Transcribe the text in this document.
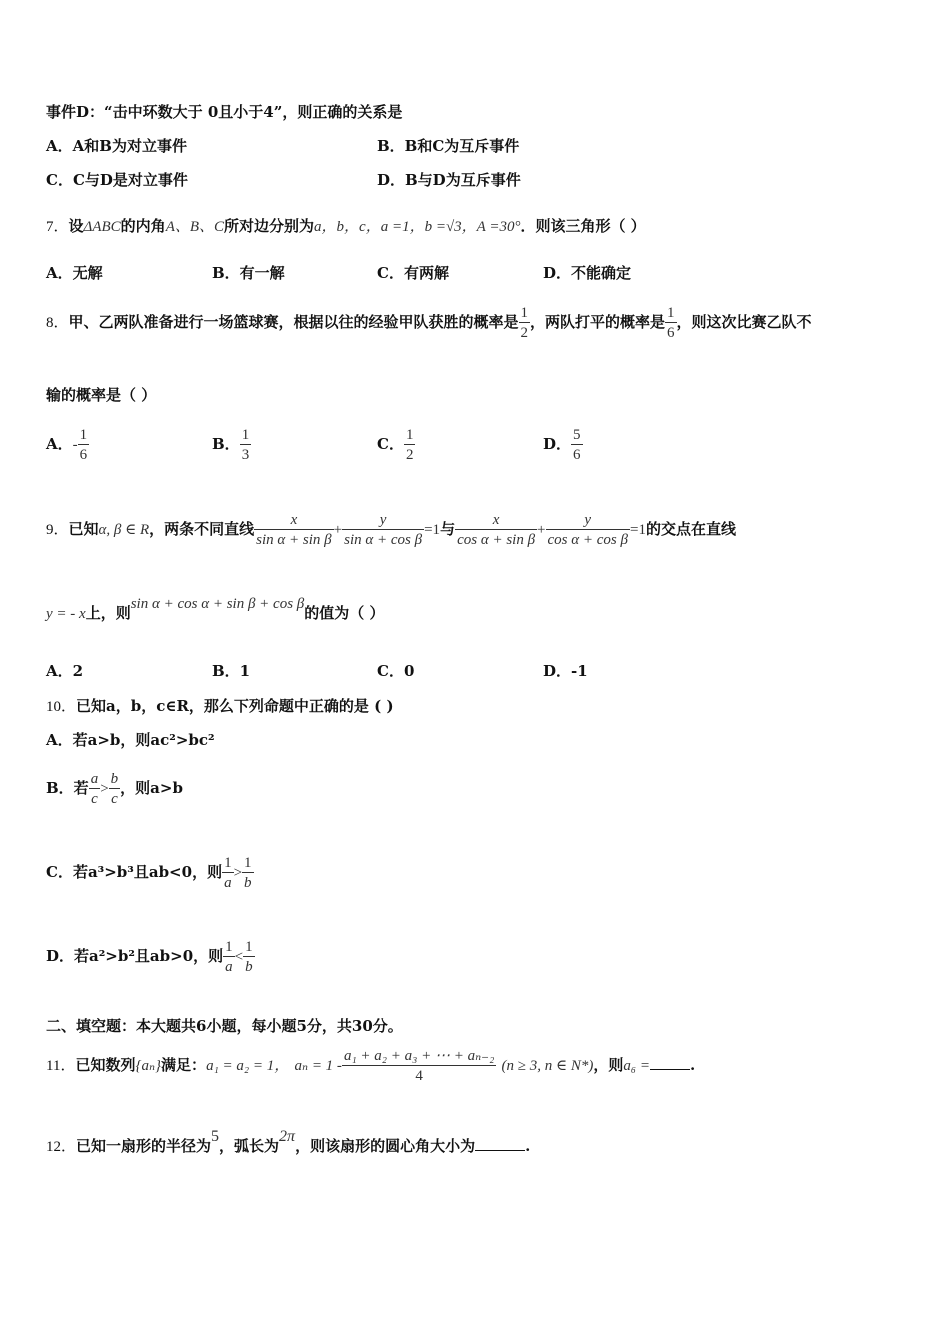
事件D：“击中环数大于 0且小于4”，则正确的关系是
A．A和B为对立事件	B．B和C为互斥事件
C．C与D是对立事件	D．B与D为互斥事件
7．设ΔABC的内角A、B、C所对边分别为a，b，c，a =1，b =√3，A =30°．则该三角形（ ）
A．无解	B．有一解	C．有两解	D．不能确定
8．甲、乙两队准备进行一场篮球赛，根据以往的经验甲队获胜的概率是 $\frac{1}{2}$ ，两队打平的概率是 $\frac{1}{6}$ ，则这次比赛乙队不
输的概率是（ ）
A．- $\frac{1}{6}$	B． $\frac{1}{3}$	C． $\frac{1}{2}$	D． $\frac{5}{6}$
9．已知α, β ∈ R，两条不同直线 $\frac{x}{\text{sin α + sin β}} + \frac{y}{\text{sin α + cos β}} =1$与 $\frac{x}{\text{cos α + sin β}} + \frac{y}{\text{cos α + cos β}} =1$的交点在直线
y = - x上，则sin α + cos α + sin β + cos β的值为（ ）
A．2	B．1	C．0	D．-1
10．已知a，b，c∈R，那么下列命题中正确的是 ( )
A．若a>b，则ac²>bc²
B．若 $\frac{a}{c} > \frac{b}{c}$ ，则a>b
C．若a³>b³且ab<0，则 $\frac{1}{a} > \frac{1}{b}$
D．若a²>b²且ab>0，则 $\frac{1}{a} < \frac{1}{b}$
二、填空题：本大题共6小题，每小题5分，共30分。
11．已知数列{aₙ}满足：a₁ = a₂ = 1， $a_n = 1 - \frac{\text{a₁ + a₂ + a₃ + ⋯ + aₙ₋₂}}{4} (n \ge 3$, n ∈ N*)，则a₆ =	.
12．已知一扇形的半径为5，弧长为2π，则该扇形的圆心角大小为	.
